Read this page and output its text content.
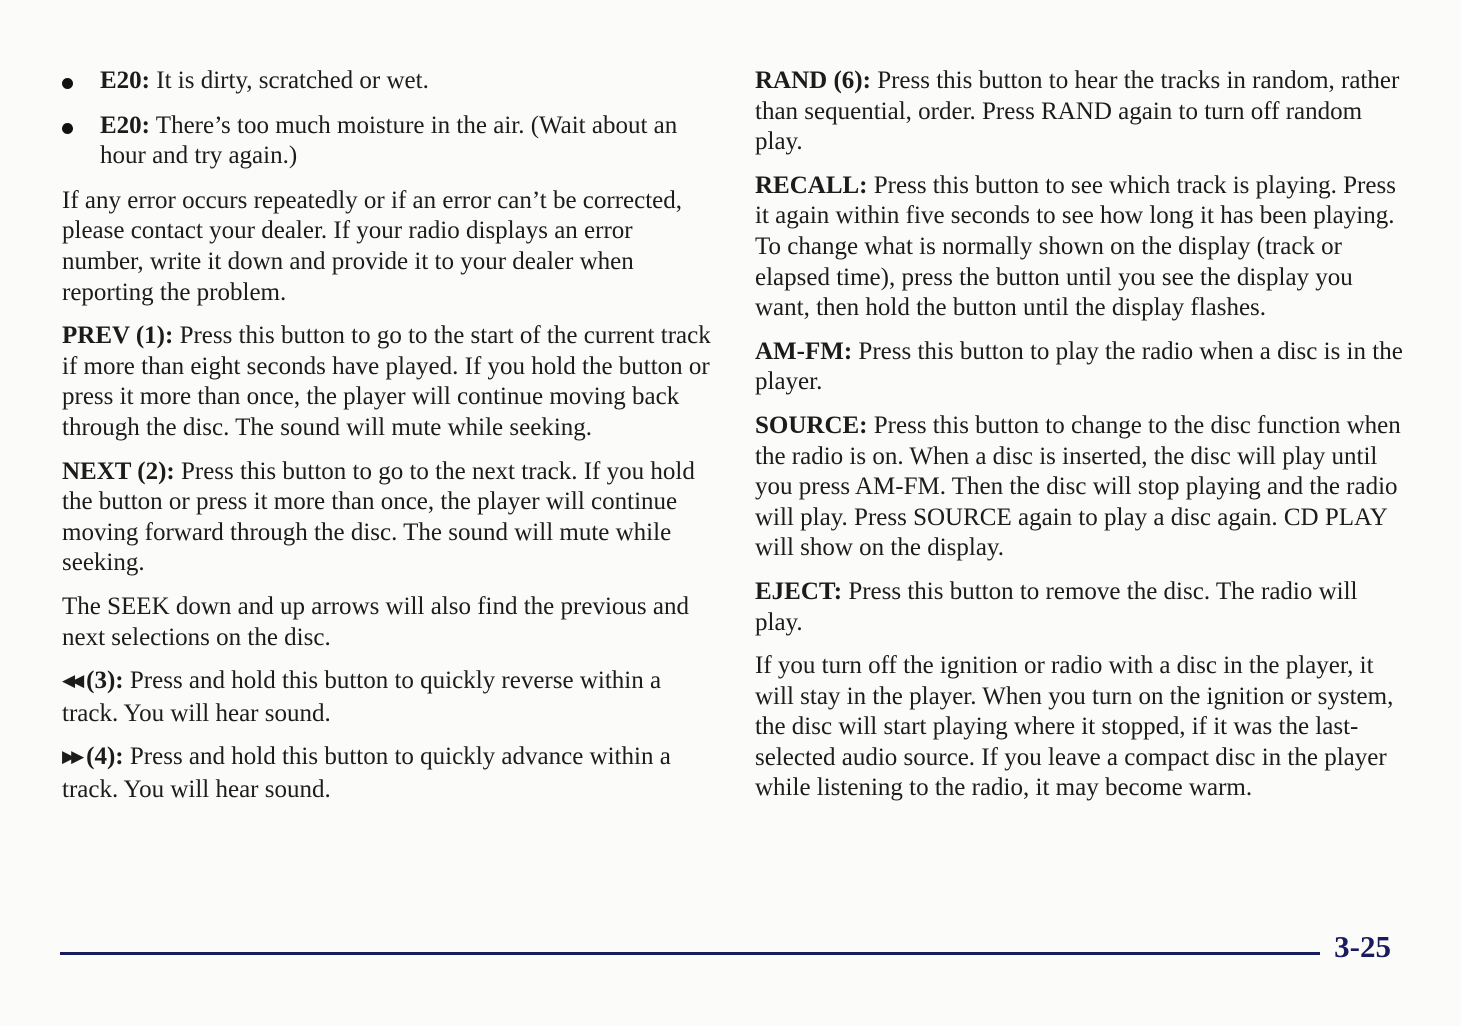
E20: It is dirty, scratched or wet.
E20: There’s too much moisture in the air. (Wait about an hour and try again.)

If any error occurs repeatedly or if an error can’t be corrected, please contact your dealer. If your radio displays an error number, write it down and provide it to your dealer when reporting the problem.

PREV (1): Press this button to go to the start of the current track if more than eight seconds have played. If you hold the button or press it more than once, the player will continue moving back through the disc. The sound will mute while seeking.

NEXT (2): Press this button to go to the next track. If you hold the button or press it more than once, the player will continue moving forward through the disc. The sound will mute while seeking.

The SEEK down and up arrows will also find the previous and next selections on the disc.

◀◀ (3): Press and hold this button to quickly reverse within a track. You will hear sound.

▶▶ (4): Press and hold this button to quickly advance within a track. You will hear sound.

RAND (6): Press this button to hear the tracks in random, rather than sequential, order. Press RAND again to turn off random play.

RECALL: Press this button to see which track is playing. Press it again within five seconds to see how long it has been playing. To change what is normally shown on the display (track or elapsed time), press the button until you see the display you want, then hold the button until the display flashes.

AM-FM: Press this button to play the radio when a disc is in the player.

SOURCE: Press this button to change to the disc function when the radio is on. When a disc is inserted, the disc will play until you press AM-FM. Then the disc will stop playing and the radio will play. Press SOURCE again to play a disc again. CD PLAY will show on the display.

EJECT: Press this button to remove the disc. The radio will play.

If you turn off the ignition or radio with a disc in the player, it will stay in the player. When you turn on the ignition or system, the disc will start playing where it stopped, if it was the last-selected audio source. If you leave a compact disc in the player while listening to the radio, it may become warm.

3-25
